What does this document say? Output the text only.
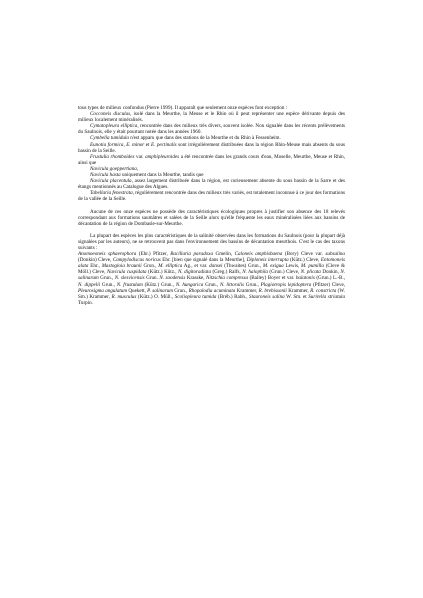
tous types de milieux confondus (Pierre 1999). Il apparaît que seulement onze espèces font exception :

Cocconeis disculus, isolé dans la Meurthe, la Meuse et le Rhin où il peut représenter une espèce dérivante depuis des milieux localement minéralisés.

Cymatopleura elliptica, rencontrée dans des milieux très divers, souvent isolée. Non signalée dans les récents prélèvements du Saulnois, elle y était pourtant notée dans les années 1960.

Cymbella tumidula n'est apparu que dans des stations de la Meurthe et du Rhin à Fessenheim.

Eunotia formica, E. minor et E. pectinalis sont irrégulièrement distribuées dans la région Rhin-Meuse mais absents du sous bassin de la Seille.

Frustulia rhomboides var. amphipleuroides a été rencontrée dans les grands cours d'eau, Moselle, Meurthe, Meuse et Rhin, ainsi que

Navicula goeppertiana,

Navicula hasta uniquement dans la Meurthe, tandis que

Navicula placentula, assez largement distribuée dans la région, est curieusement absente du sous bassin de la Sarre et des étangs mentionnés au Catalogue des Algues.

Tabellaria fenestrata, régulièrement rencontrée dans des milieux très variés, est totalement inconnue à ce jour des formations de la vallée de la Seille.

Aucune de ces onze espèces ne possède des caractéristiques écologiques propres à justifier son absence des 18 relevés correspondant aux formations saumâtres et salées de la Seille alors qu'elle fréquente les eaux minéralisées liées aux bassins de décantation de la région de Dombasle-sur-Meurthe.

La plupart des espèces les plus caractéristiques de la salinité observées dans les formations du Saulnois (pour la plupart déjà signalées par les auteurs), ne se retrouvent pas dans l'environnement des bassins de décantation meurthois. C'est le cas des taxons suivants :

Anomoeoneis sphaerophora (Ehr.) Pfitzer, Bacillaria paradoxa Gmelin, Caloneis amphisbaena (Bory) Cleve var. subsalina (Donkin) Cleve, Campylodiscus noricus Ehr. [bien que signalé dans la Meurthe], Diploneis interrupta (Kütz.) Cleve, Entomoneis alata Ehr., Mastogloia braunii Grun., M. elliptica Ag., et var. dansei (Thwaites) Grun., M. exigua Lewis, M. pumilla (Cleve & Möll.) Cleve, Navicula cuspidata (Kütz.) Kütz., N. digitoradiata (Greg.) Ralfs, N. halophila (Grun.) Cleve, N. plicata Donkin, N. salinarum Grun., N. slesvicensis Grun. N. soodensis Krasske, Nitzschia compressa (Bailey) Boyer et var. balatonis (Grun.) L.-B., N. dippelii Grun., N. frustulum (Kütz.) Grun., N. hungarica Grun., N. littoralis Grun., Plagiotropis lepidoptera (Pfitzer) Cleve, Pleurosigma angulatum Quekett, P. salinarum Grun., Rhopalodia acuminata Krammer, R. brebissonii Krammer, R. constricta (W. Sm.) Krammer, R. musculus (Kütz.) O. Müll., Scoliopleura tumida (Bréb.) Rabh., Stauroneis salina W. Sm. et Surirella striatula Turpin.
